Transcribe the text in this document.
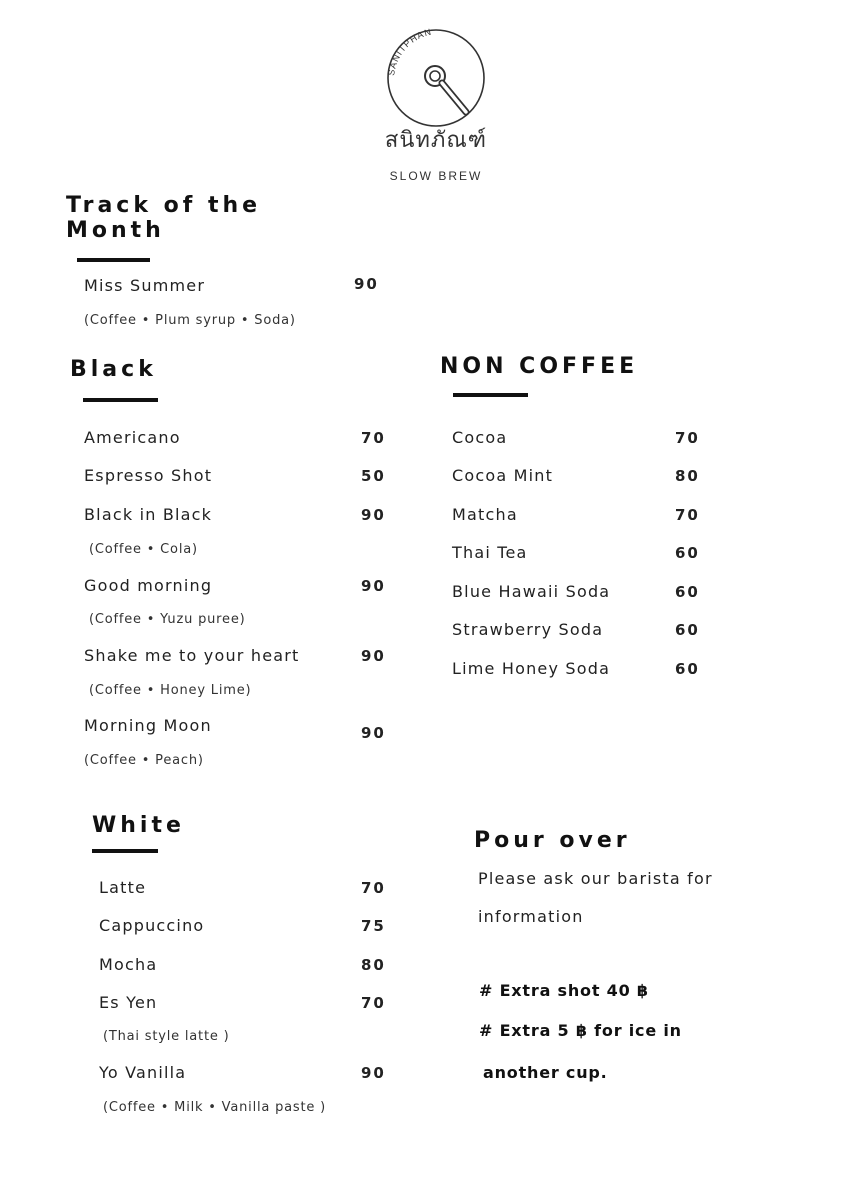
SANITPHAN
สนิทภัณฑ์
SLOW BREW
Track of the
Month
Miss Summer	90
(Coffee • Plum syrup • Soda)
Black
Americano	70
Espresso Shot	50
Black in Black	90
(Coffee • Cola)
Good morning	90
(Coffee • Yuzu puree)
Shake me to your heart	90
(Coffee • Honey Lime)
Morning Moon	90
(Coffee • Peach)
NON COFFEE
Cocoa	70
Cocoa Mint	80
Matcha	70
Thai Tea	60
Blue Hawaii Soda	60
Strawberry Soda	60
Lime Honey Soda	60
White
Latte	70
Cappuccino	75
Mocha	80
Es Yen	70
(Thai style latte )
Yo Vanilla	90
(Coffee • Milk • Vanilla paste )
Pour over
Please ask our barista for
information
# Extra shot 40 ฿
# Extra 5 ฿ for ice in
another cup.
